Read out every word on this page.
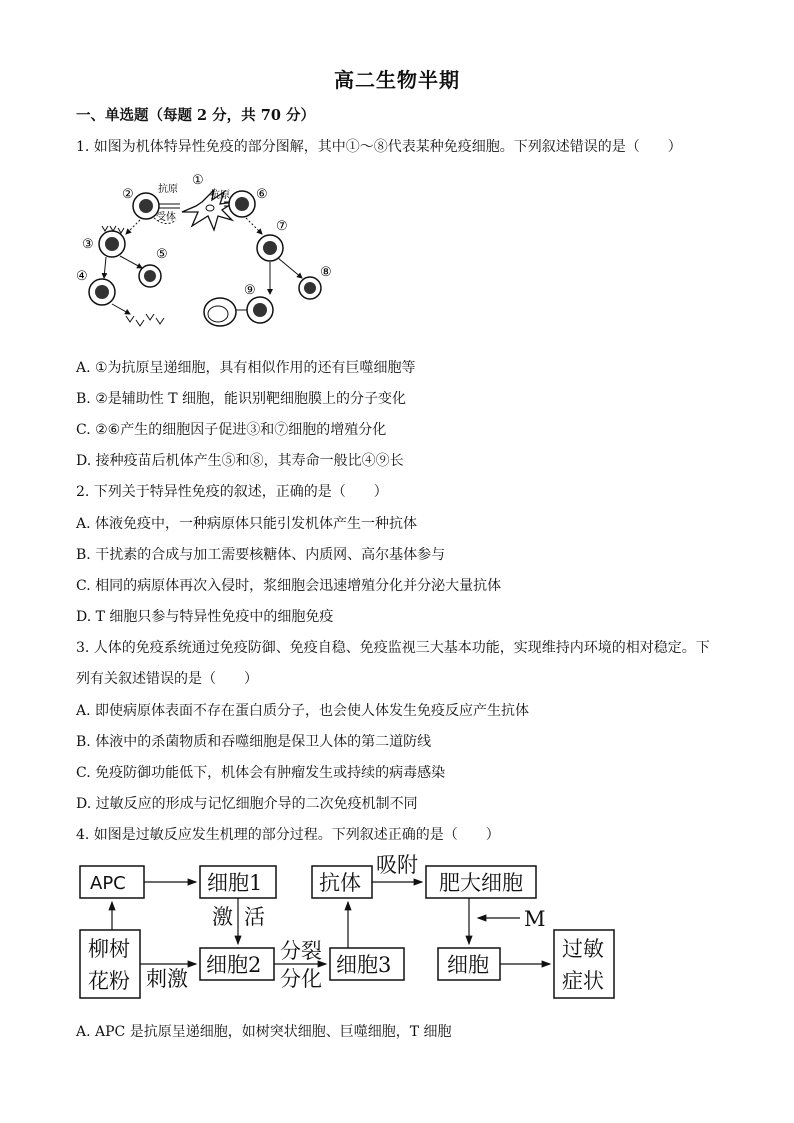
高二生物半期
一、单选题（每题 2 分，共 70 分）
1. 如图为机体特异性免疫的部分图解，其中①～⑧代表某种免疫细胞。下列叙述错误的是（　　）
②
①
⑥
③
⑤
④
⑦
⑧
⑨
抗原
抗原
受体
A. ①为抗原呈递细胞，具有相似作用的还有巨噬细胞等
B. ②是辅助性 T 细胞，能识别靶细胞膜上的分子变化
C. ②⑥产生的细胞因子促进③和⑦细胞的增殖分化
D. 接种疫苗后机体产生⑤和⑧，其寿命一般比④⑨长
2. 下列关于特异性免疫的叙述，正确的是（　　）
A. 体液免疫中，一种病原体只能引发机体产生一种抗体
B. 干扰素的合成与加工需要核糖体、内质网、高尔基体参与
C. 相同的病原体再次入侵时，浆细胞会迅速增殖分化并分泌大量抗体
D. T 细胞只参与特异性免疫中的细胞免疫
3. 人体的免疫系统通过免疫防御、免疫自稳、免疫监视三大基本功能，实现维持内环境的相对稳定。下
列有关叙述错误的是（　　）
A. 即使病原体表面不存在蛋白质分子，也会使人体发生免疫反应产生抗体
B. 体液中的杀菌物质和吞噬细胞是保卫人体的第二道防线
C. 免疫防御功能低下，机体会有肿瘤发生或持续的病毒感染
D. 过敏反应的形成与记忆细胞介导的二次免疫机制不同
4. 如图是过敏反应发生机理的部分过程。下列叙述正确的是（　　）
APC	细胞1
柳树
花粉 刺激
激 活
细胞2
分裂
分化
细胞3
抗体
吸附
肥大细胞
M
细胞
过敏
症状
A. APC 是抗原呈递细胞，如树突状细胞、巨噬细胞，T 细胞
